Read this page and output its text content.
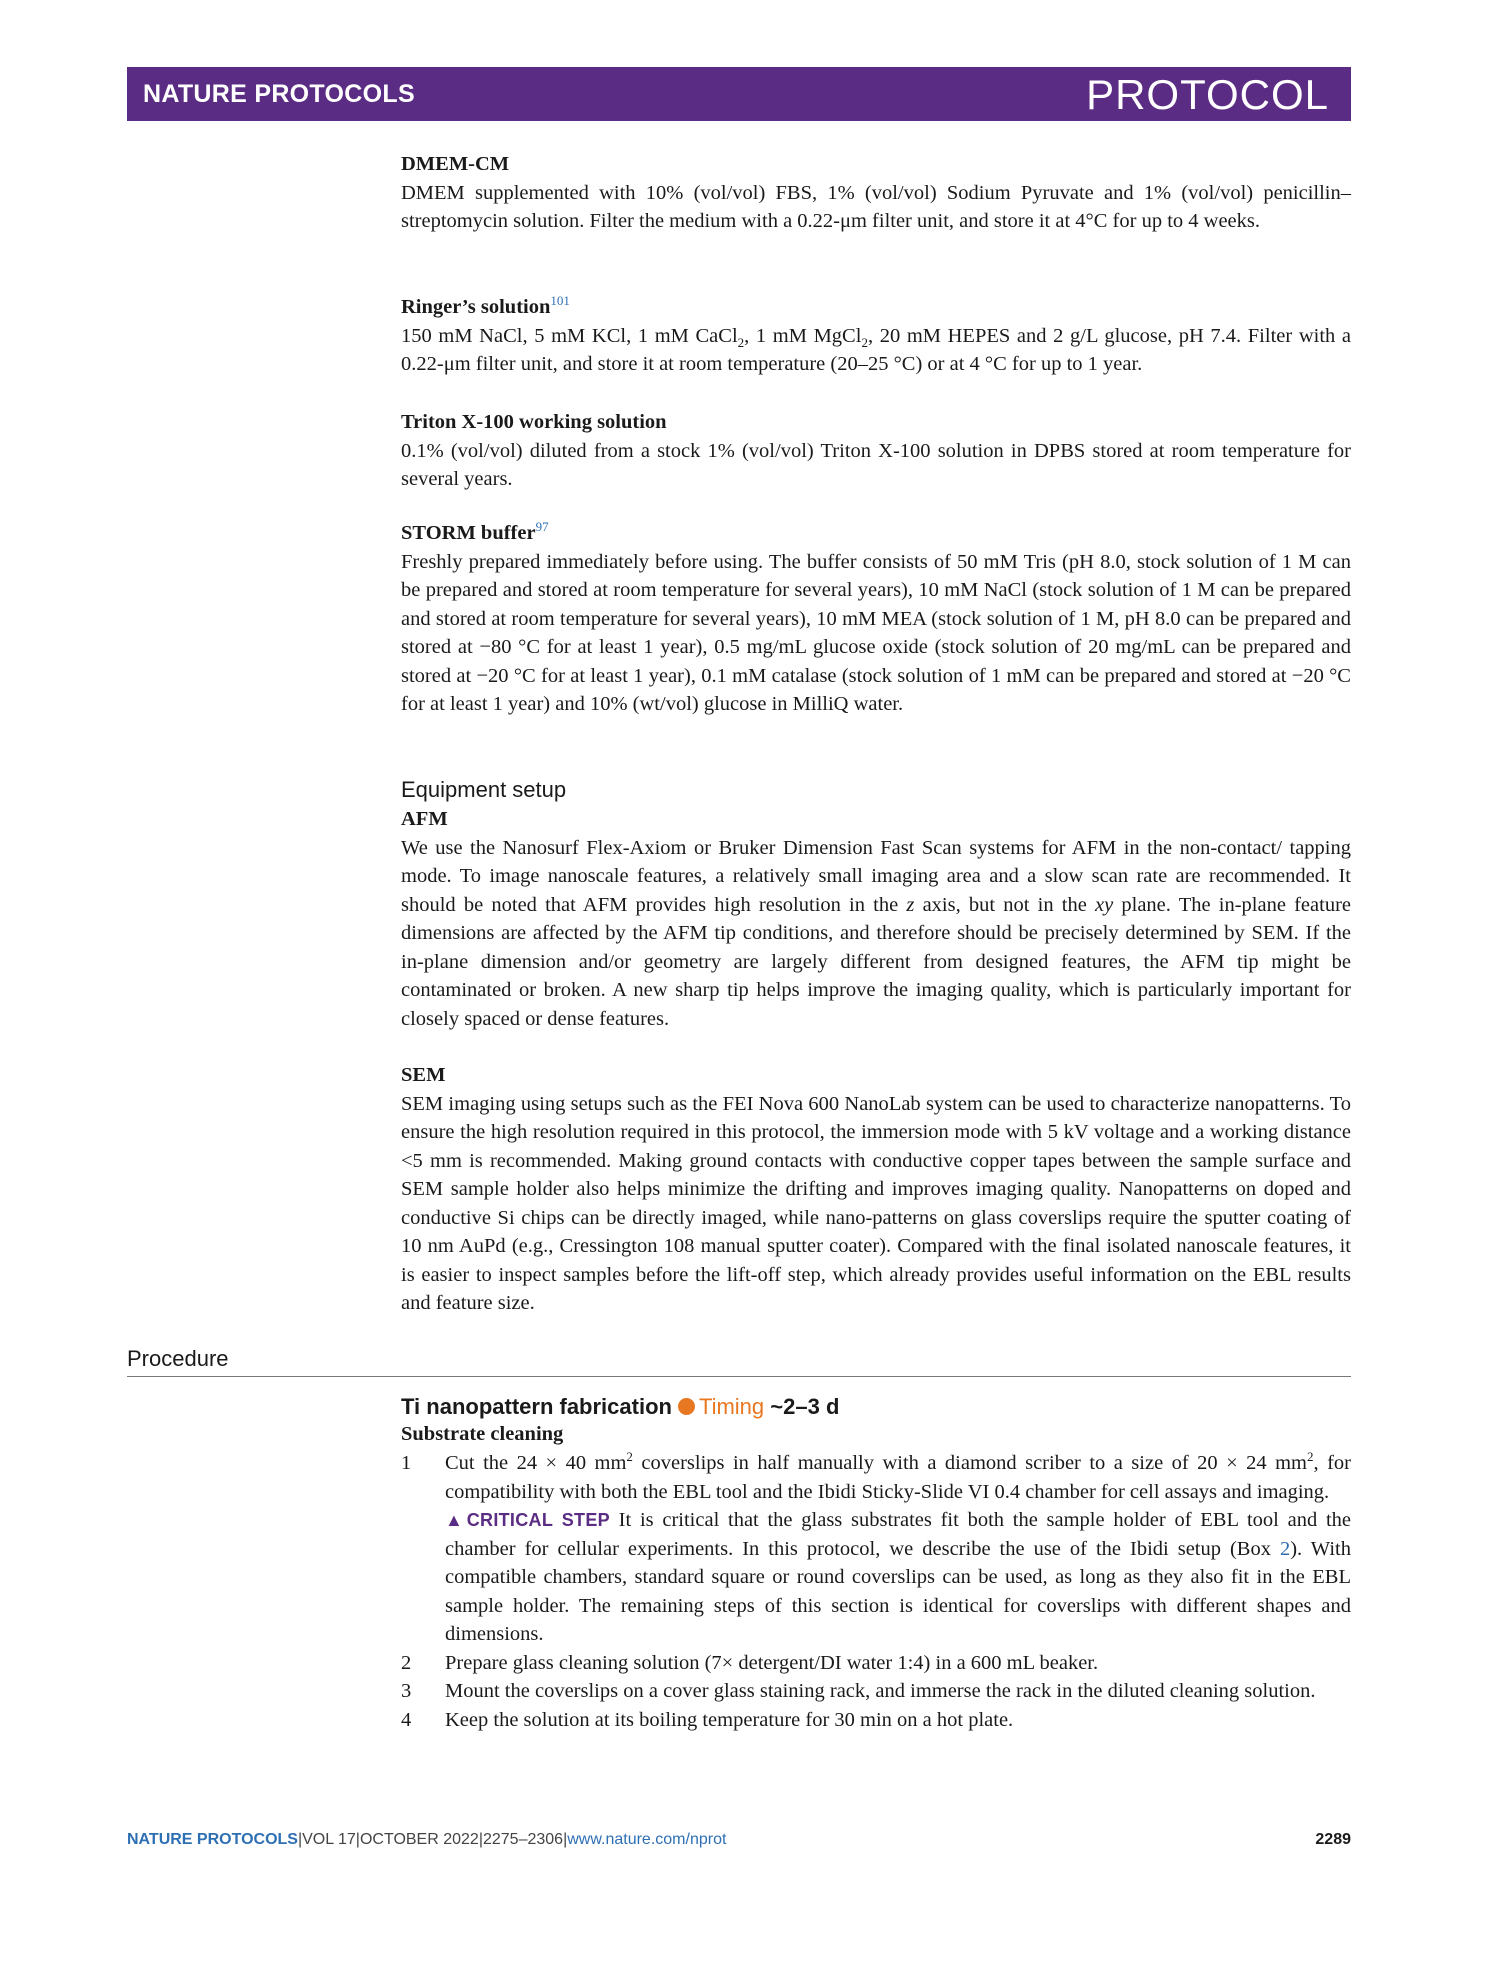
NATURE PROTOCOLS	PROTOCOL
DMEM-CM

DMEM supplemented with 10% (vol/vol) FBS, 1% (vol/vol) Sodium Pyruvate and 1% (vol/vol) penicillin–streptomycin solution. Filter the medium with a 0.22-μm filter unit, and store it at 4°C for up to 4 weeks.

Ringer’s solution$^{101}$

150 mM NaCl, 5 mM KCl, 1 mM CaCl$_2$, 1 mM MgCl$_2$, 20 mM HEPES and 2 g/L glucose, pH 7.4. Filter with a 0.22-μm filter unit, and store it at room temperature (20–25 °C) or at 4 °C for up to 1 year.

Triton X-100 working solution

0.1% (vol/vol) diluted from a stock 1% (vol/vol) Triton X-100 solution in DPBS stored at room temperature for several years.

STORM buffer$^{97}$

Freshly prepared immediately before using. The buffer consists of 50 mM Tris (pH 8.0, stock solution of 1 M can be prepared and stored at room temperature for several years), 10 mM NaCl (stock solution of 1 M can be prepared and stored at room temperature for several years), 10 mM MEA (stock solution of 1 M, pH 8.0 can be prepared and stored at −80 °C for at least 1 year), 0.5 mg/mL glucose oxide (stock solution of 20 mg/mL can be prepared and stored at −20 °C for at least 1 year), 0.1 mM catalase (stock solution of 1 mM can be prepared and stored at −20 °C for at least 1 year) and 10% (wt/vol) glucose in MilliQ water.

Equipment setup
AFM

We use the Nanosurf Flex-Axiom or Bruker Dimension Fast Scan systems for AFM in the non-contact/ tapping mode. To image nanoscale features, a relatively small imaging area and a slow scan rate are recommended. It should be noted that AFM provides high resolution in the z axis, but not in the xy plane. The in-plane feature dimensions are affected by the AFM tip conditions, and therefore should be precisely determined by SEM. If the in-plane dimension and/or geometry are largely different from designed features, the AFM tip might be contaminated or broken. A new sharp tip helps improve the imaging quality, which is particularly important for closely spaced or dense features.

SEM

SEM imaging using setups such as the FEI Nova 600 NanoLab system can be used to characterize nanopatterns. To ensure the high resolution required in this protocol, the immersion mode with 5 kV voltage and a working distance <5 mm is recommended. Making ground contacts with conductive copper tapes between the sample surface and SEM sample holder also helps minimize the drifting and improves imaging quality. Nanopatterns on doped and conductive Si chips can be directly imaged, while nano-patterns on glass coverslips require the sputter coating of 10 nm AuPd (e.g., Cressington 108 manual sputter coater). Compared with the final isolated nanoscale features, it is easier to inspect samples before the lift-off step, which already provides useful information on the EBL results and feature size.

Procedure
Ti nanopattern fabrication Timing ~2–3 d
Substrate cleaning
1	Cut the 24 × 40 $mm^2$ coverslips in half manually with a diamond scriber to a size of 20 × 24 $mm^2$, for compatibility with both the EBL tool and the Ibidi Sticky-Slide VI 0.4 chamber for cell assays and imaging.

▲CRITICAL STEP It is critical that the glass substrates fit both the sample holder of EBL tool and the chamber for cellular experiments. In this protocol, we describe the use of the Ibidi setup (Box 2). With compatible chambers, standard square or round coverslips can be used, as long as they also fit in the EBL sample holder. The remaining steps of this section is identical for coverslips with different shapes and dimensions.

2	Prepare glass cleaning solution (7× detergent/DI water 1:4) in a 600 mL beaker.
3	Mount the coverslips on a cover glass staining rack, and immerse the rack in the diluted cleaning solution.
4	Keep the solution at its boiling temperature for 30 min on a hot plate.
NATURE PROTOCOLS|VOL 17|OCTOBER 2022|2275–2306|www.nature.com/nprot	2289
